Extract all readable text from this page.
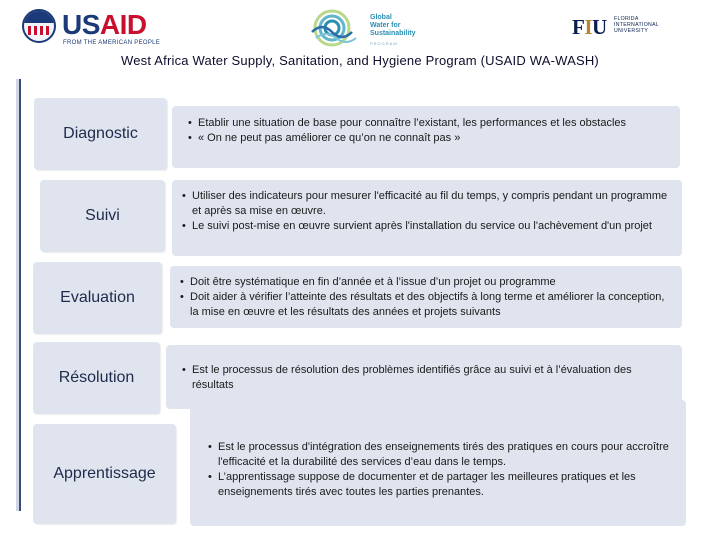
USAID
FROM THE AMERICAN PEOPLE
Global
Water for
Sustainability
PROGRAM
FIU FLORIDA
INTERNATIONAL
UNIVERSITY
West Africa Water Supply, Sanitation, and Hygiene Program (USAID WA-WASH)
Diagnostic
• Etablir une situation de base pour connaître l’existant, les performances et les obstacles
• « On ne peut pas améliorer ce qu’on ne connaît pas »
Suivi
• Utiliser des indicateurs pour mesurer l'efficacité au fil du temps, y compris pendant un programme et après sa mise en œuvre.
• Le suivi post-mise en œuvre survient après l'installation du service ou l'achèvement d'un projet
Evaluation
• Doit être systématique en fin d’année et à l’issue d’un projet ou programme
• Doit aider à vérifier l’atteinte des résultats et des objectifs à long terme et améliorer la conception, la mise en œuvre et les résultats des années et projets suivants
Résolution
•	Est le processus de résolution des problèmes identifiés grâce au suivi et à l’évaluation des résultats
Apprentissage
• Est le processus d'intégration des enseignements tirés des pratiques en cours pour accroître l'efficacité et la durabilité des services d’eau dans le temps.
• L’apprentissage suppose de documenter et de partager les meilleures pratiques et les enseignements tirés avec toutes les parties prenantes.
